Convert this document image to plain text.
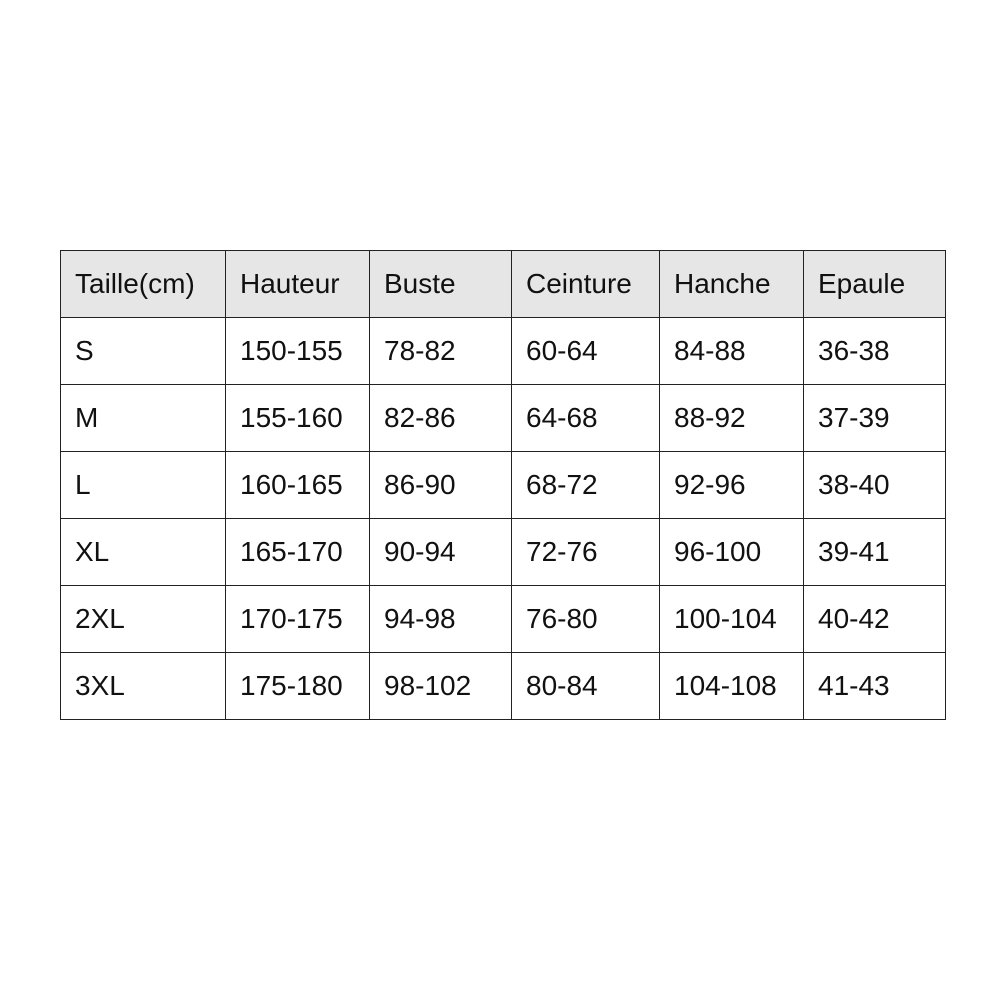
Taille(cm)	Hauteur	Buste	Ceinture	Hanche	Epaule
S	150-155	78-82	60-64	84-88	36-38
M	155-160	82-86	64-68	88-92	37-39
L	160-165	86-90	68-72	92-96	38-40
XL	165-170	90-94	72-76	96-100	39-41
2XL	170-175	94-98	76-80	100-104	40-42
3XL	175-180	98-102	80-84	104-108	41-43
